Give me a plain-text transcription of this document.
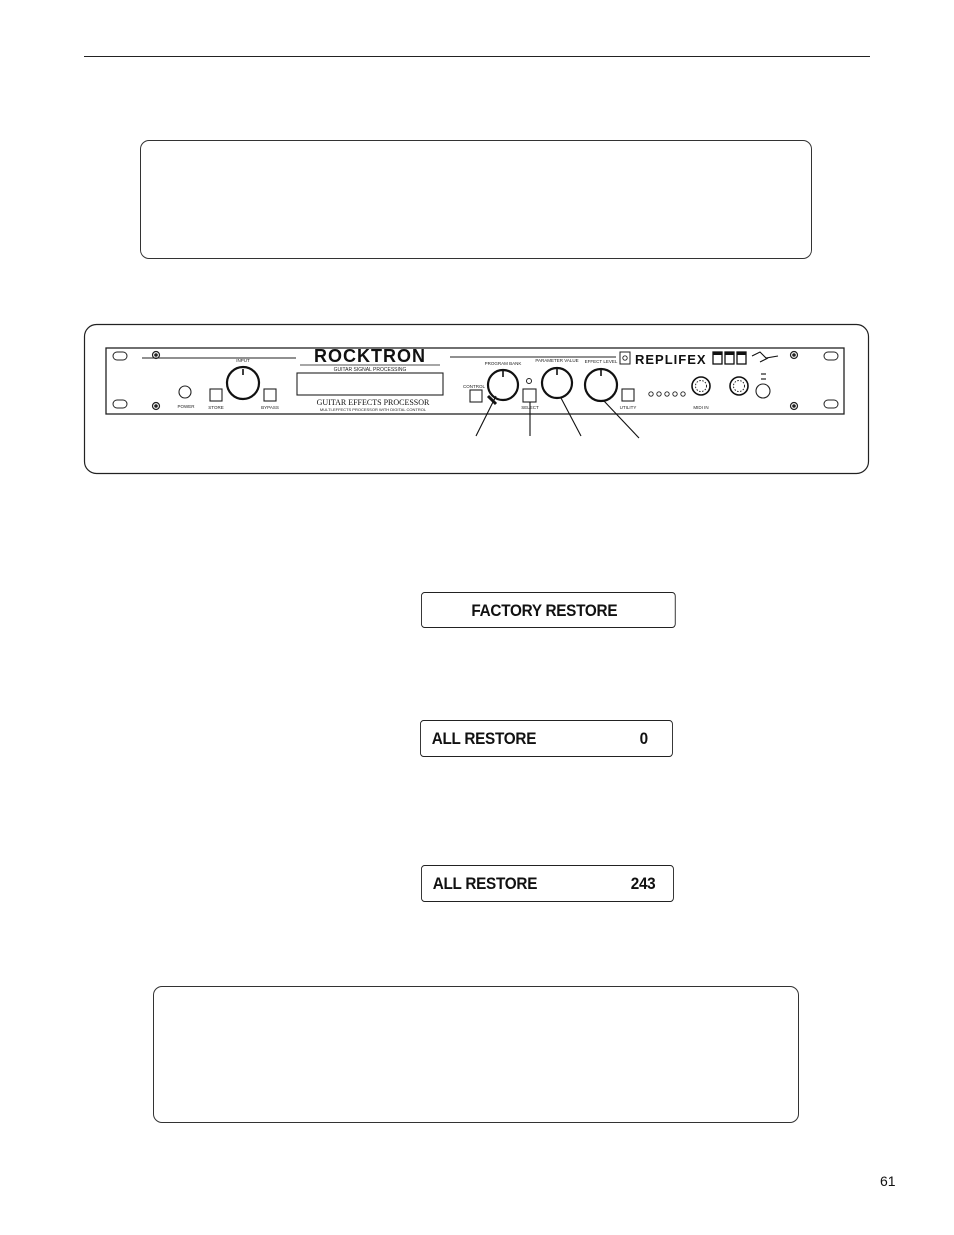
POWER
INPUT
STORE	BYPASS
ROCKTRON
GUITAR SIGNAL PROCESSING
GUITAR EFFECTS PROCESSOR
MULTI-EFFECTS PROCESSOR WITH DIGITAL CONTROL
CONTROL
PROGRAM BANK
SELECT
PARAMETER VALUE EFFECT LEVEL
UTILITY
REPLIFEX
MIDI IN
FACTORY RESTORE
ALL RESTORE	0
ALL RESTORE	243
61
